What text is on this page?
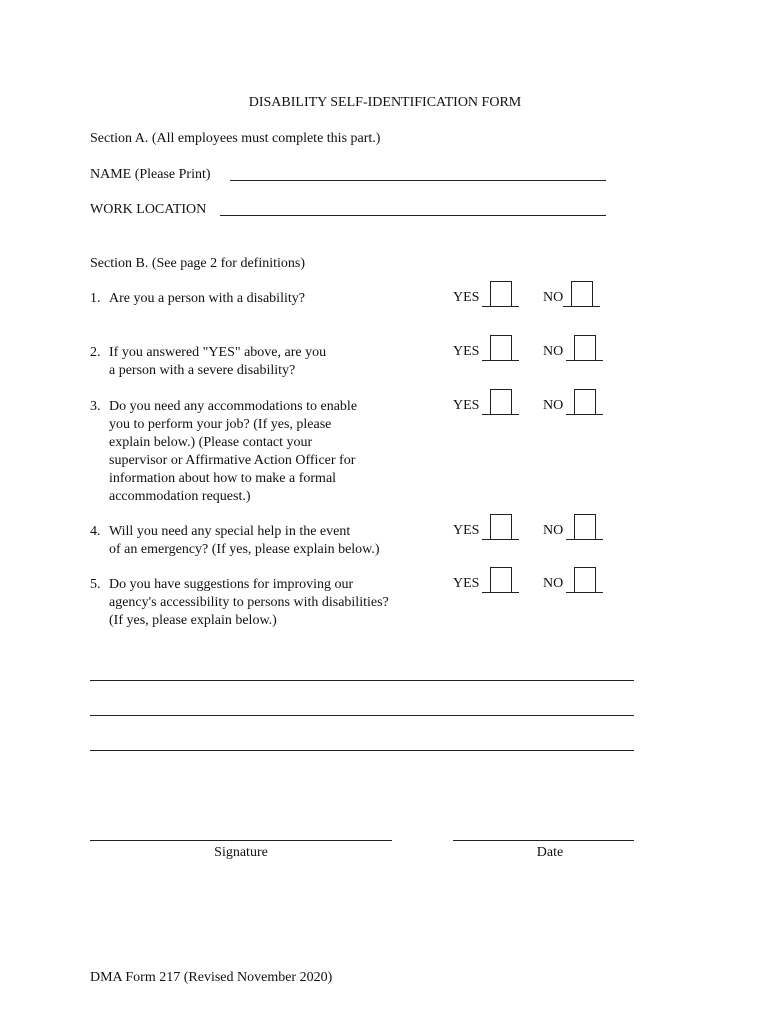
DISABILITY SELF-IDENTIFICATION FORM
Section A. (All employees must complete this part.)
NAME (Please Print)
WORK LOCATION
Section B. (See page 2 for definitions)
1. Are you a person with a disability?	YES	NO
2. If you answered "YES" above, are you
a person with a severe disability?
YES	NO
3. Do you need any accommodations to enable
you to perform your job? (If yes, please
explain below.) (Please contact your
supervisor or Affirmative Action Officer for
information about how to make a formal
accommodation request.)
YES	NO
4. Will you need any special help in the event
of an emergency? (If yes, please explain below.)
YES	NO
5. Do you have suggestions for improving our
agency's accessibility to persons with disabilities?
(If yes, please explain below.)
YES	NO
Signature	Date
DMA Form 217 (Revised November 2020)
